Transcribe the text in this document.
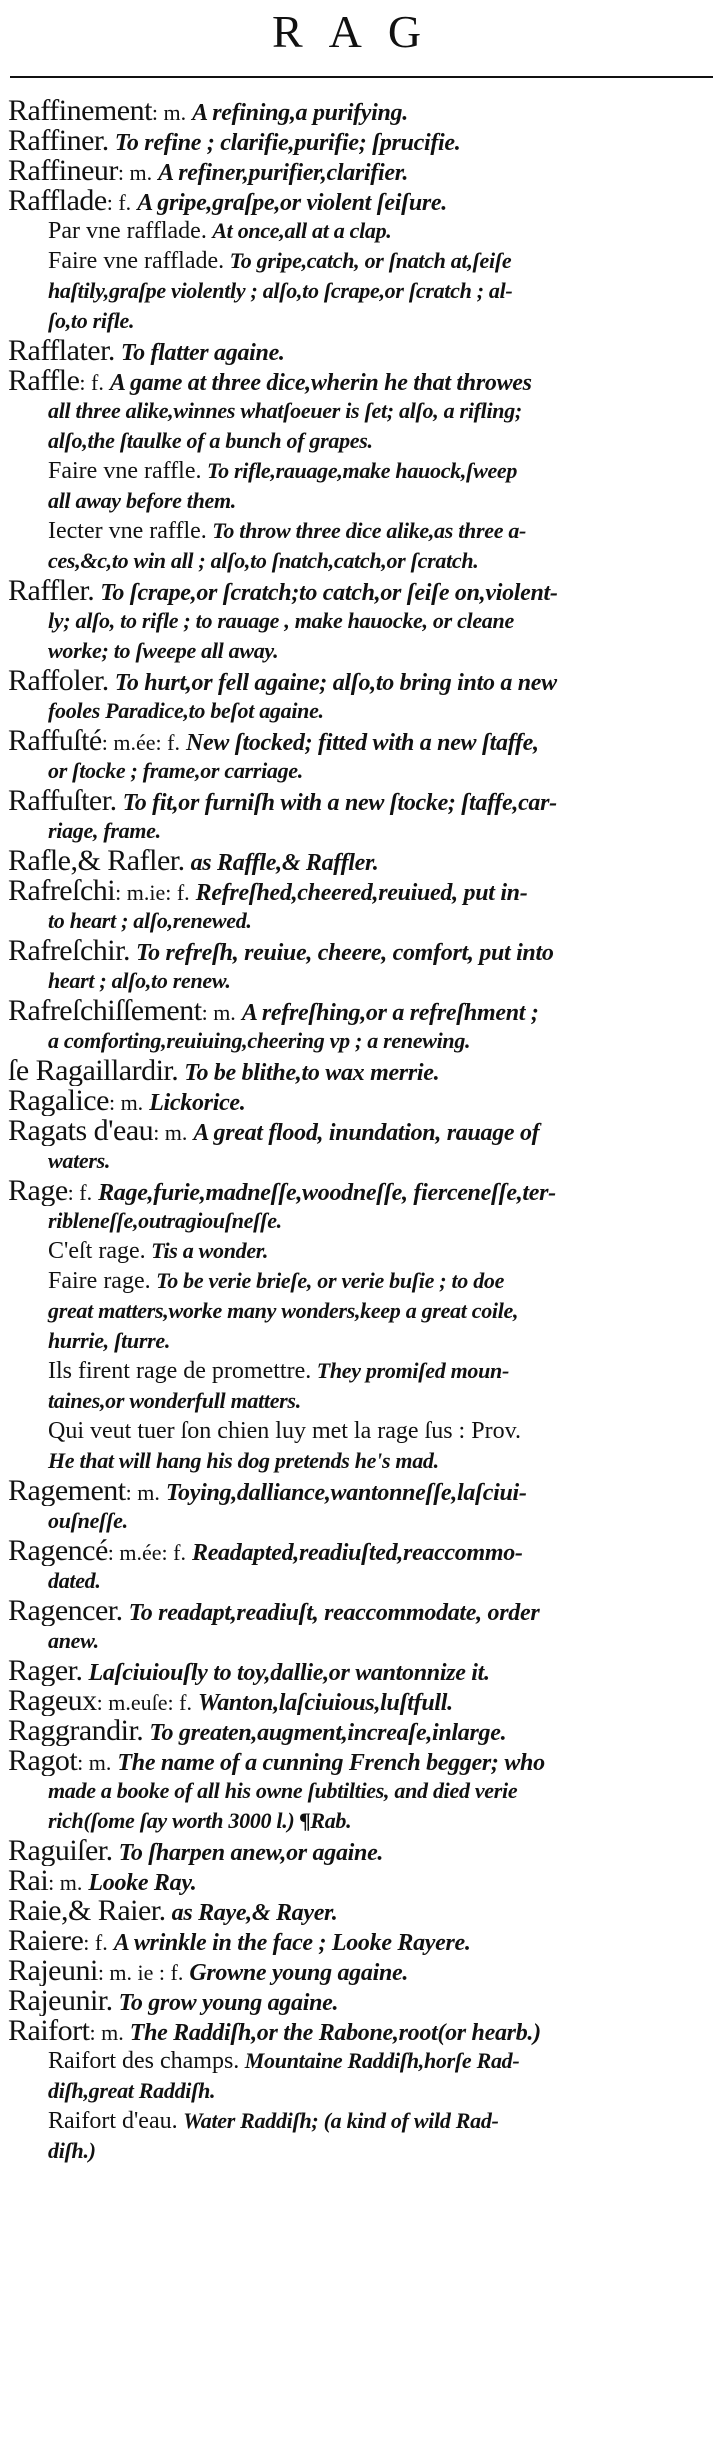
RAG
Raffinement: m. A refining,a purifying.
Raffiner. To refine ; clarifie,purifie; ſprucifie.
Raffineur: m. A refiner,purifier,clarifier.
Rafflade: f. A gripe,graſpe,or violent ſeiſure.
Par vne rafflade. At once,all at a clap.
Faire vne rafflade. To gripe,catch, or ſnatch at,ſeiſe
haſtily,graſpe violently ; alſo,to ſcrape,or ſcratch ; al-
ſo,to rifle.
Rafflater. To flatter againe.
Raffle: f. A game at three dice,wherin he that throwes
all three alike,winnes whatſoeuer is ſet; alſo, a rifling;
alſo,the ſtaulke of a bunch of grapes.
Faire vne raffle. To rifle,rauage,make hauock,ſweep
all away before them.
Iecter vne raffle. To throw three dice alike,as three a-
ces,&c,to win all ; alſo,to ſnatch,catch,or ſcratch.
Raffler. To ſcrape,or ſcratch;to catch,or ſeiſe on,violent-
ly; alſo, to rifle ; to rauage , make hauocke, or cleane
worke; to ſweepe all away.
Raffoler. To hurt,or fell againe; alſo,to bring into a new
fooles Paradice,to beſot againe.
Raffuſté: m.ée: f. New ſtocked; fitted with a new ſtaffe,
or ſtocke ; frame,or carriage.
Raffuſter. To fit,or furniſh with a new ſtocke; ſtaffe,car-
riage, frame.
Rafle,& Rafler. as Raffle,& Raffler.
Rafreſchi: m.ie: f. Refreſhed,cheered,reuiued, put in-
to heart ; alſo,renewed.
Rafreſchir. To refreſh, reuiue, cheere, comfort, put into
heart ; alſo,to renew.
Rafreſchiſſement: m. A refreſhing,or a refreſhment ;
a comforting,reuiuing,cheering vp ; a renewing.
ſe Ragaillardir. To be blithe,to wax merrie.
Ragalice: m. Lickorice.
Ragats d'eau: m. A great flood, inundation, rauage of
waters.
Rage: f. Rage,furie,madneſſe,woodneſſe, fierceneſſe,ter-
ribleneſſe,outragiouſneſſe.
C'eſt rage. Tis a wonder.
Faire rage. To be verie brieſe, or verie buſie ; to doe
great matters,worke many wonders,keep a great coile,
hurrie, ſturre.
Ils firent rage de promettre. They promiſed moun-
taines,or wonderfull matters.
Qui veut tuer ſon chien luy met la rage ſus : Prov.
He that will hang his dog pretends he's mad.
Ragement: m. Toying,dalliance,wantonneſſe,laſciui-
ouſneſſe.
Ragencé: m.ée: f. Readapted,readiuſted,reaccommo-
dated.
Ragencer. To readapt,readiuſt, reaccommodate, order
anew.
Rager. Laſciuiouſly to toy,dallie,or wantonnize it.
Rageux: m.euſe: f. Wanton,laſciuious,luſtfull.
Raggrandir. To greaten,augment,increaſe,inlarge.
Ragot: m. The name of a cunning French begger; who
made a booke of all his owne ſubtilties, and died verie
rich(ſome ſay worth 3000 l.) ¶Rab.
Raguiſer. To ſharpen anew,or againe.
Rai: m. Looke Ray.
Raie,& Raier. as Raye,& Rayer.
Raiere: f. A wrinkle in the face ; Looke Rayere.
Rajeuni: m. ie : f. Growne young againe.
Rajeunir. To grow young againe.
Raifort: m. The Raddiſh,or the Rabone,root(or hearb.)
Raifort des champs. Mountaine Raddiſh,horſe Rad-
diſh,great Raddiſh.
Raifort d'eau. Water Raddiſh; (a kind of wild Rad-
diſh.)
